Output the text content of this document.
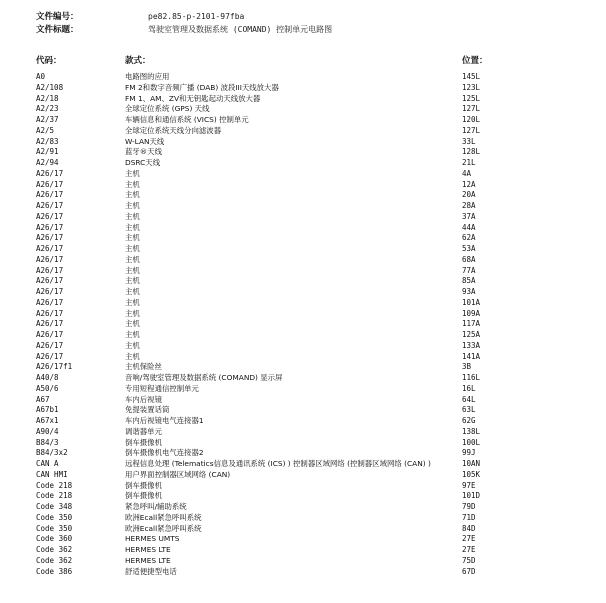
文件编号：	pe82.85-p-2101-97fba
文件标题：	驾驶室管理及数据系统 (COMAND) 控制单元电路图
代码：	款式：	位置：
A0	电路图的应用	145L
A2/108	FM 2和数字音频广播 (DAB) 波段III天线放大器	123L
A2/18	FM 1、AM、ZV和无钥匙起动天线放大器	125L
A2/23	全球定位系统 (GPS) 天线	127L
A2/37	车辆信息和通信系统 (VICS) 控制单元	120L
A2/5	全球定位系统天线分向滤波器	127L
A2/83	W-LAN天线	33L
A2/91	蓝牙®天线	128L
A2/94	DSRC天线	21L
A26/17	主机	4A
A26/17	主机	12A
A26/17	主机	20A
A26/17	主机	28A
A26/17	主机	37A
A26/17	主机	44A
A26/17	主机	62A
A26/17	主机	53A
A26/17	主机	68A
A26/17	主机	77A
A26/17	主机	85A
A26/17	主机	93A
A26/17	主机	101A
A26/17	主机	109A
A26/17	主机	117A
A26/17	主机	125A
A26/17	主机	133A
A26/17	主机	141A
A26/17f1	主机保险丝	3B
A40/8	音响/驾驶室管理及数据系统 (COMAND) 显示屏	116L
A50/6	专用短程通信控制单元	16L
A67	车内后视镜	64L
A67b1	免提装置话筒	63L
A67x1	车内后视镜电气连接器1	62G
A90/4	调谐器单元	138L
B84/3	倒车摄像机	100L
B84/3x2	倒车摄像机电气连接器2	99J
CAN A	远程信息处理 (Telematics信息及通讯系统 (ICS) ) 控制器区域网络 (控制器区域网络 (CAN) )	10AN
CAN HMI	用户界面控制器区域网络 (CAN)	105K
Code 218	倒车摄像机	97E
Code 218	倒车摄像机	101D
Code 348	紧急呼叫/辅助系统	79D
Code 350	欧洲Ecall紧急呼叫系统	71D
Code 350	欧洲Ecall紧急呼叫系统	84D
Code 360	HERMES UMTS	27E
Code 362	HERMES LTE	27E
Code 362	HERMES LTE	75D
Code 386	舒适便捷型电话	67D
